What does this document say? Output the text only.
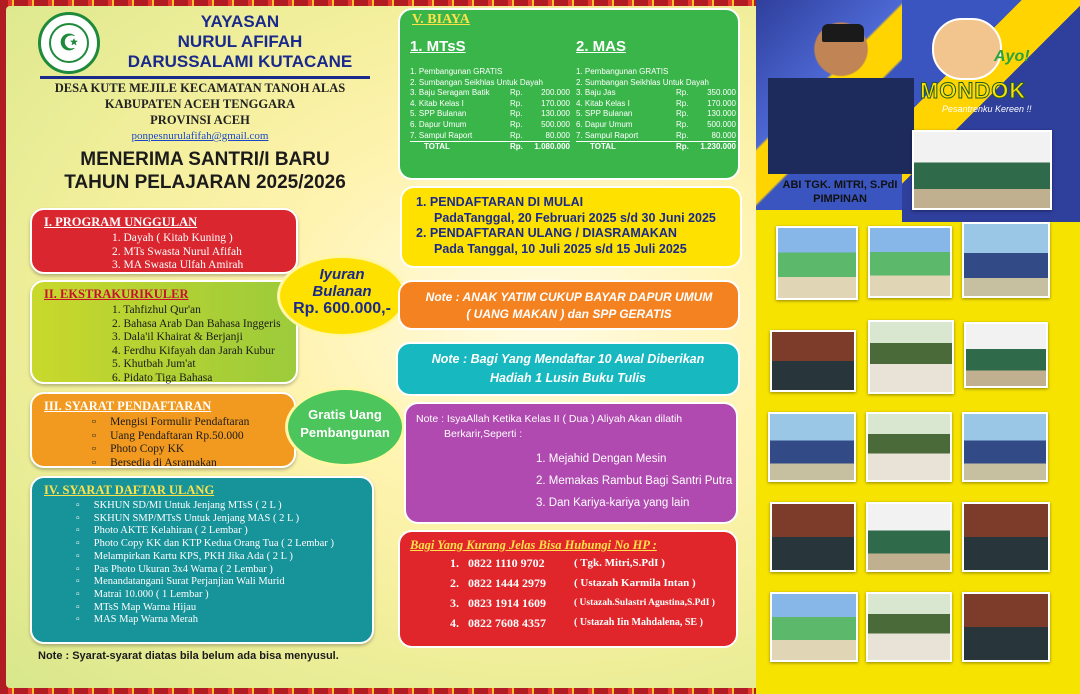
☪
YAYASAN
NURUL AFIFAH
DARUSSALAMI KUTACANE
DESA KUTE MEJILE KECAMATAN TANOH ALAS
KABUPATEN ACEH TENGGARA
PROVINSI ACEH
ponpesnurulafifah@gmail.com
MENERIMA SANTRI/I BARU
TAHUN PELAJARAN 2025/2026
I. PROGRAM UNGGULAN
1. Dayah ( Kitab Kuning )
2. MTs Swasta Nurul Afifah
3. MA Swasta Ulfah Amirah
II. EKSTRAKURIKULER
1. Tahfizhul Qur'an
2. Bahasa Arab Dan Bahasa Inggeris
3. Dala'il Khairat & Berjanji
4. Ferdhu Kifayah dan Jarah Kubur
5. Khutbah Jum'at
6. Pidato Tiga Bahasa
III. SYARAT PENDAFTARAN
▫ Mengisi Formulir Pendaftaran
▫ Uang Pendaftaran Rp.50.000
▫ Photo Copy KK
▫ Bersedia di Asramakan
IV. SYARAT DAFTAR ULANG
▫ SKHUN SD/MI Untuk Jenjang MTsS ( 2 L )
▫ SKHUN SMP/MTsS Untuk Jenjang MAS ( 2 L )
▫ Photo AKTE Kelahiran ( 2 Lembar )
▫ Photo Copy KK dan KTP Kedua Orang Tua ( 2 Lembar )
▫ Melampirkan Kartu KPS, PKH Jika Ada ( 2 L )
▫ Pas Photo Ukuran 3x4 Warna ( 2 Lembar )
▫ Menandatangani Surat Perjanjian Wali Murid
▫ Matrai 10.000 ( 1 Lembar )
▫ MTsS Map Warna Hijau
▫ MAS Map Warna Merah
Note : Syarat-syarat diatas bila belum ada bisa menyusul.
Iyuran
Bulanan
Rp. 600.000,-
Gratis Uang
Pembangunan
V. BIAYA
1. MTsS
1. Pembangunan GRATIS
2. Sumbangan Seikhlas Untuk Dayah
3. Baju Seragam Batik	Rp.	200.000
4. Kitab Kelas I	Rp.	170.000
5. SPP Bulanan	Rp.	130.000
6. Dapur Umum	Rp.	500.000
7. Sampul Raport	Rp.	80.000
TOTAL	Rp.	1.080.000
2. MAS
1. Pembangunan GRATIS
2. Sumbangan Seikhlas Untuk Dayah
3. Baju Jas	Rp.	350.000
4. Kitab Kelas I	Rp.	170.000
5. SPP Bulanan	Rp.	130.000
6. Dapur Umum	Rp.	500.000
7. Sampul Raport	Rp.	80.000
TOTAL	Rp.	1.230.000
1. PENDAFTARAN DI MULAI
PadaTanggal, 20 Februari 2025 s/d 30 Juni 2025
2. PENDAFTARAN ULANG / DIASRAMAKAN
Pada Tanggal, 10 Juli 2025 s/d 15 Juli 2025
Note : ANAK YATIM CUKUP BAYAR DAPUR UMUM
( UANG MAKAN ) dan SPP GERATIS
Note : Bagi Yang Mendaftar 10 Awal Diberikan
Hadiah 1 Lusin Buku Tulis
Note : IsyaAllah Ketika Kelas II ( Dua ) Aliyah Akan dilatih
Berkarir,Seperti :
1. Mejahid Dengan Mesin
2. Memakas Rambut Bagi Santri Putra
3. Dan Kariya-kariya yang lain
Bagi Yang Kurang Jelas Bisa Hubungi No HP :
1. 0822 1110 9702	( Tgk. Mitri,S.PdI )
2. 0822 1444 2979	( Ustazah Karmila Intan )
3. 0823 1914 1609	( Ustazah.Sulastri Agustina,S.PdI )
4. 0822 7608 4357	( Ustazah Iin Mahdalena, SE )
ABI TGK. MITRI, S.PdI
PIMPINAN
Ayo!
MONDOK
Pesantrenku Kereen !!
